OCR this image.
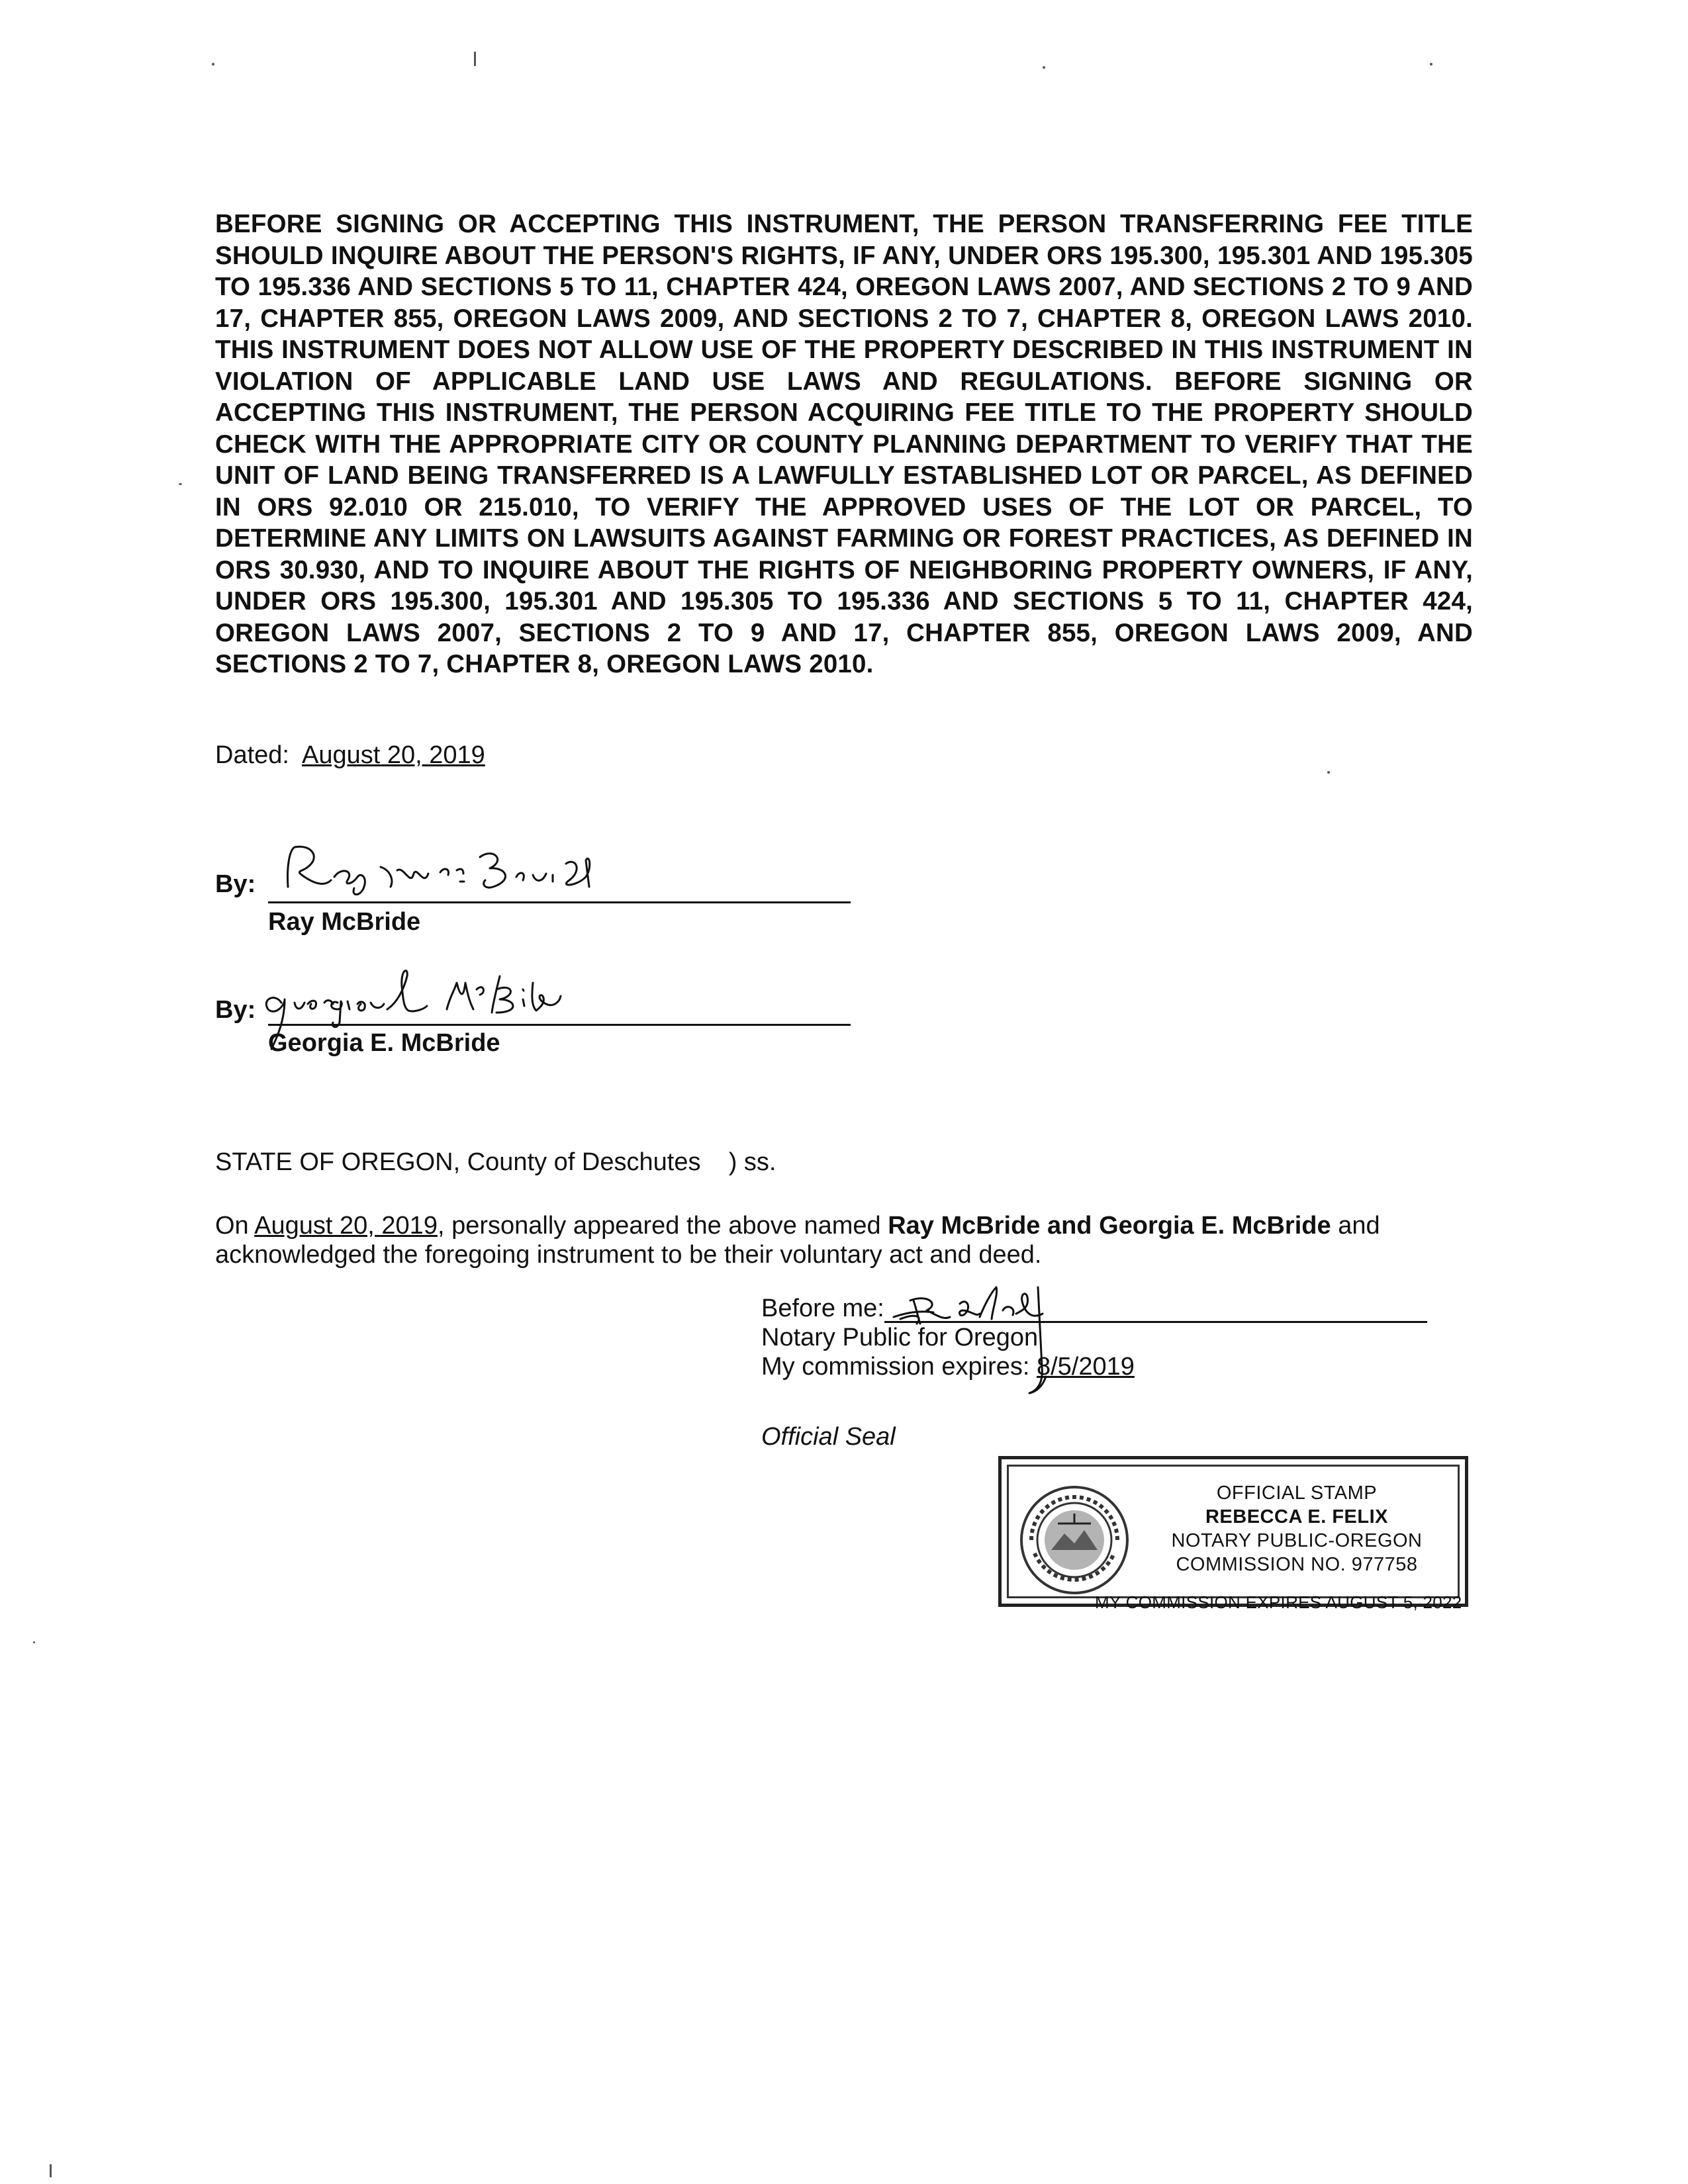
BEFORE SIGNING OR ACCEPTING THIS INSTRUMENT, THE PERSON TRANSFERRING FEE TITLE SHOULD INQUIRE ABOUT THE PERSON'S RIGHTS, IF ANY, UNDER ORS 195.300, 195.301 AND 195.305 TO 195.336 AND SECTIONS 5 TO 11, CHAPTER 424, OREGON LAWS 2007, AND SECTIONS 2 TO 9 AND 17, CHAPTER 855, OREGON LAWS 2009, AND SECTIONS 2 TO 7, CHAPTER 8, OREGON LAWS 2010. THIS INSTRUMENT DOES NOT ALLOW USE OF THE PROPERTY DESCRIBED IN THIS INSTRUMENT IN VIOLATION OF APPLICABLE LAND USE LAWS AND REGULATIONS. BEFORE SIGNING OR ACCEPTING THIS INSTRUMENT, THE PERSON ACQUIRING FEE TITLE TO THE PROPERTY SHOULD CHECK WITH THE APPROPRIATE CITY OR COUNTY PLANNING DEPARTMENT TO VERIFY THAT THE UNIT OF LAND BEING TRANSFERRED IS A LAWFULLY ESTABLISHED LOT OR PARCEL, AS DEFINED IN ORS 92.010 OR 215.010, TO VERIFY THE APPROVED USES OF THE LOT OR PARCEL, TO DETERMINE ANY LIMITS ON LAWSUITS AGAINST FARMING OR FOREST PRACTICES, AS DEFINED IN ORS 30.930, AND TO INQUIRE ABOUT THE RIGHTS OF NEIGHBORING PROPERTY OWNERS, IF ANY, UNDER ORS 195.300, 195.301 AND 195.305 TO 195.336 AND SECTIONS 5 TO 11, CHAPTER 424, OREGON LAWS 2007, SECTIONS 2 TO 9 AND 17, CHAPTER 855, OREGON LAWS 2009, AND SECTIONS 2 TO 7, CHAPTER 8, OREGON LAWS 2010.
Dated: August 20, 2019
By:
Ray McBride
By:
Georgia E. McBride
STATE OF OREGON, County of Deschutes ) ss.
On August 20, 2019, personally appeared the above named Ray McBride and Georgia E. McBride and acknowledged the foregoing instrument to be their voluntary act and deed.
Before me:
Notary Public for Oregon
My commission expires: 8/5/2019
Official Seal
OFFICIAL STAMP
REBECCA E. FELIX
NOTARY PUBLIC-OREGON
COMMISSION NO. 977758
MY COMMISSION EXPIRES AUGUST 5, 2022
